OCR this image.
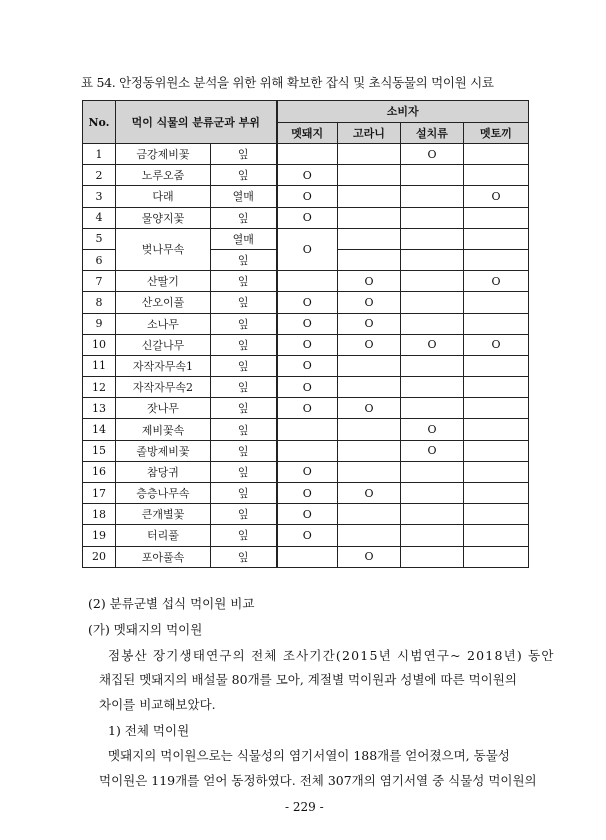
표 54. 안정동위원소 분석을 위한 위해 확보한 잡식 및 초식동물의 먹이원 시료
No.	먹이 식물의 분류군과 부위		소비자			
			멧돼지	고라니	설치류	멧토끼
1	금강제비꽃	잎			O	
2	노루오줌	잎	O			
3	다래	열매	O			O
4	물양지꽃	잎	O			
5	벚나무속	열매	O			
6		잎				
7	산딸기	잎		O		O
8	산오이풀	잎	O	O		
9	소나무	잎	O	O		
10	신갈나무	잎	O	O	O	O
11	자작자무속1	잎	O			
12	자작자무속2	잎	O			
13	잣나무	잎	O	O		
14	제비꽃속	잎			O	
15	졸방제비꽃	잎			O	
16	참당귀	잎	O			
17	층층나무속	잎	O	O		
18	큰개별꽃	잎	O			
19	터리풀	잎	O			
20	포아풀속	잎		O		
(2) 분류군별 섭식 먹이원 비교
(가) 멧돼지의 먹이원
점봉산 장기생태연구의 전체 조사기간(2015년 시범연구~ 2018년) 동안
채집된 멧돼지의 배설물 80개를 모아, 계절별 먹이원과 성별에 따른 먹이원의
차이를 비교해보았다.
1) 전체 먹이원
멧돼지의 먹이원으로는 식물성의 염기서열이 188개를 얻어졌으며, 동물성
먹이원은 119개를 얻어 동정하였다. 전체 307개의 염기서열 중 식물성 먹이원의
- 229 -
